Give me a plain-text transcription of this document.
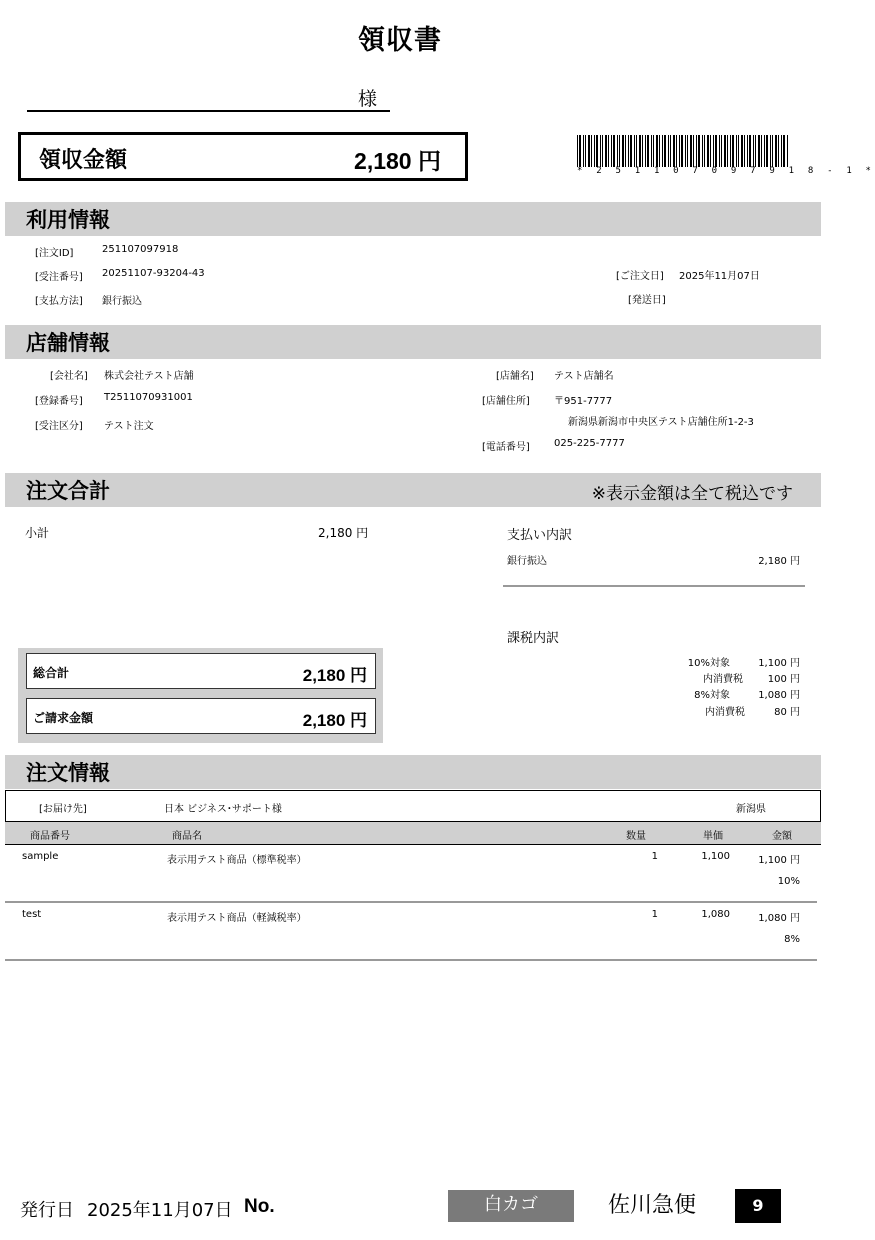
領収書
様
領収金額	2,180 円	* 2 5 1 1 0 7 0 9 7 9 1 8 - 1 *
利用情報
[注文ID]	251107097918
[受注番号] 20251107-93204-43
[支払方法] 銀行振込
[ご注文日] 2025年11月07日
[発送日]
店舗情報
[会社名] 株式会社テスト店舗
[登録番号] T2511070931001
[受注区分] テスト注文
[店舗名] テスト店舗名
[店舗住所] 〒951-7777
新潟県新潟市中央区テスト店舗住所1-2-3
[電話番号] 025-225-7777
注文合計	※表示金額は全て税込です
小計	2,180 円	支払い内訳
銀行振込	2,180 円
課税内訳
10%対象	1,100 円
内消費税	100 円
8%対象	1,080 円
内消費税	80 円
総合計	2,180 円
ご請求金額	2,180 円
注文情報
[お届け先]	日本 ビジネス･サポート様	新潟県
商品番号	商品名	数量	単価	金額
sample	表示用テスト商品（標準税率）	1	1,100	1,100 円
10%
test	表示用テスト商品（軽減税率）	1	1,080	1,080 円
8%
発行日 2025年11月07日 No.	白カゴ	佐川急便	9
